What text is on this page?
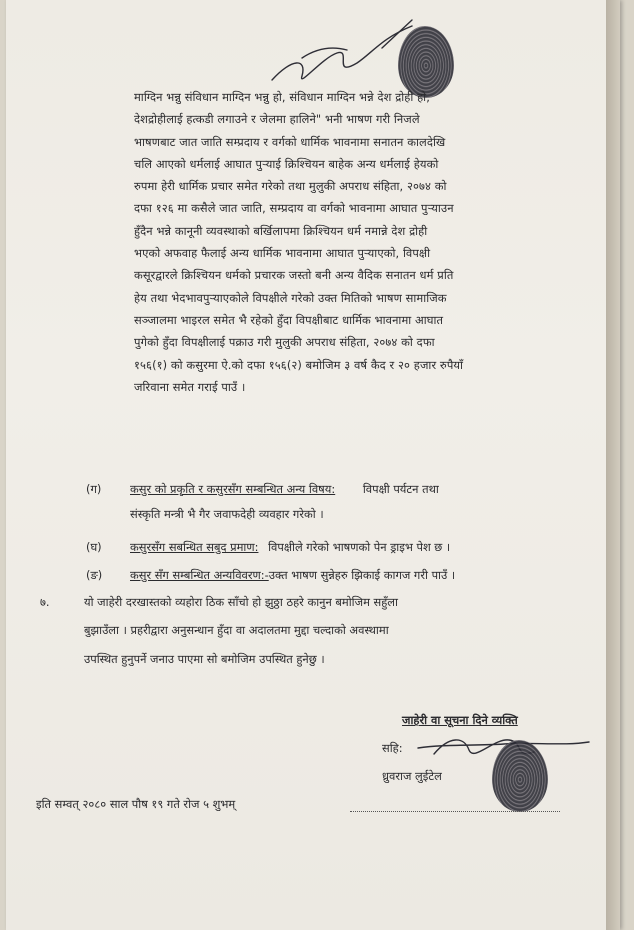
माग्दिन भन्नु संविधान माग्दिन भन्नु हो, संविधान माग्दिन भन्ने देश द्रोही हो,
देशद्रोहीलाई हत्कडी लगाउने र जेलमा हालिने" भनी भाषण गरी निजले
भाषणबाट जात जाति सम्प्रदाय र वर्गको धार्मिक भावनामा सनातन कालदेखि
चलि आएको धर्मलाई आघात पुऱ्याई क्रिश्चियन बाहेक अन्य धर्मलाई हेयको
रुपमा हेरी धार्मिक प्रचार समेत गरेको तथा मुलुकी अपराध संहिता, २०७४ को
दफा १२६ मा कसैले जात जाति, सम्प्रदाय वा वर्गको भावनामा आघात पुऱ्याउन
हुँदैन भन्ने कानूनी व्यवस्थाको बर्खिलापमा क्रिश्चियन धर्म नमान्ने देश द्रोही
भएको अफवाह फैलाई अन्य धार्मिक भावनामा आघात पुऱ्याएको, विपक्षी
कसूरद्वारले क्रिश्चियन धर्मको प्रचारक जस्तो बनी अन्य वैदिक सनातन धर्म प्रति
हेय तथा भेदभावपुऱ्याएकोले विपक्षीले गरेको उक्त मितिको भाषण सामाजिक
सञ्जालमा भाइरल समेत भै रहेको हुँदा विपक्षीबाट धार्मिक भावनामा आघात
पुगेको हुँदा विपक्षीलाई पक्राउ गरी मुलुकी अपराध संहिता, २०७४ को दफा
१५६(१) को कसुरमा ऐ.को दफा १५६(२) बमोजिम ३ वर्ष कैद र २० हजार रुपैयाँ
जरिवाना समेत गराई पाउँ ।
(ग)	कसुर को प्रकृति र कसुरसँग सम्बन्धित अन्य विषय: विपक्षी पर्यटन तथा
संस्कृति मन्त्री भै गैर जवाफदेही व्यवहार गरेको ।
(घ) कसुरसँग सबन्धित सबुद प्रमाण: विपक्षीले गरेको भाषणको पेन ड्राइभ पेश छ ।
(ङ) कसुर सँग सम्बन्धित अन्यविवरण:-उक्त भाषण सुन्नेहरु झिकाई कागज गरी पाउँ ।
७.	यो जाहेरी दरखास्तको व्यहोरा ठिक साँचो हो झुठ्ठा ठहरे कानुन बमोजिम सहुँला
बुझाउँला । प्रहरीद्वारा अनुसन्धान हुँदा वा अदालतमा मुद्दा चल्दाको अवस्थामा
उपस्थित हुनुपर्ने जनाउ पाएमा सो बमोजिम उपस्थित हुनेछु ।
जाहेरी वा सूचना दिने व्यक्ति
सहि:
ध्रुवराज लुईटेल
इति सम्वत् २०८० साल पौष १९ गते रोज ५ शुभम्
